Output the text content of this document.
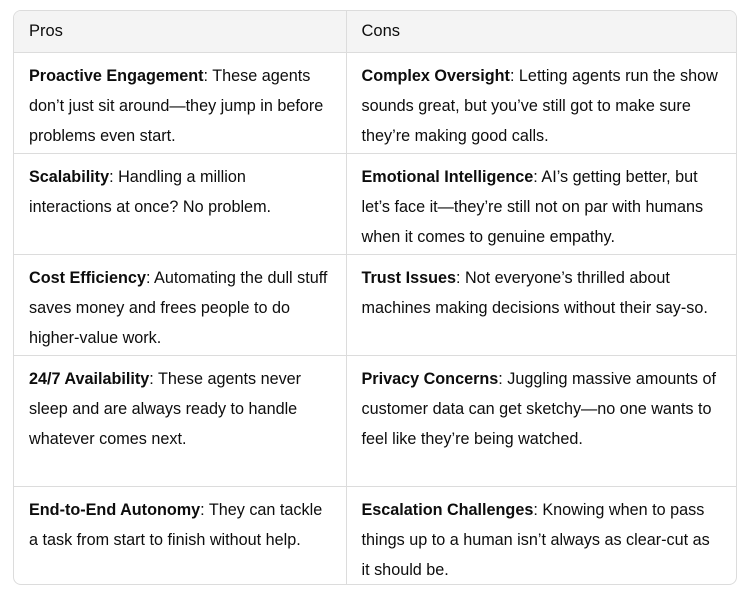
Pros	Cons
Proactive Engagement: These agents don’t just sit around—they jump in before problems even start.	Complex Oversight: Letting agents run the show sounds great, but you’ve still got to make sure they’re making good calls.
Scalability: Handling a million interactions at once? No problem.	Emotional Intelligence: AI’s getting better, but let’s face it—they’re still not on par with humans when it comes to genuine empathy.
Cost Efficiency: Automating the dull stuff saves money and frees people to do higher-value work.	Trust Issues: Not everyone’s thrilled about machines making decisions without their say-so.
24/7 Availability: These agents never sleep and are always ready to handle whatever comes next.	Privacy Concerns: Juggling massive amounts of customer data can get sketchy—no one wants to feel like they’re being watched.
End-to-End Autonomy: They can tackle a task from start to finish without help.	Escalation Challenges: Knowing when to pass things up to a human isn’t always as clear-cut as it should be.
